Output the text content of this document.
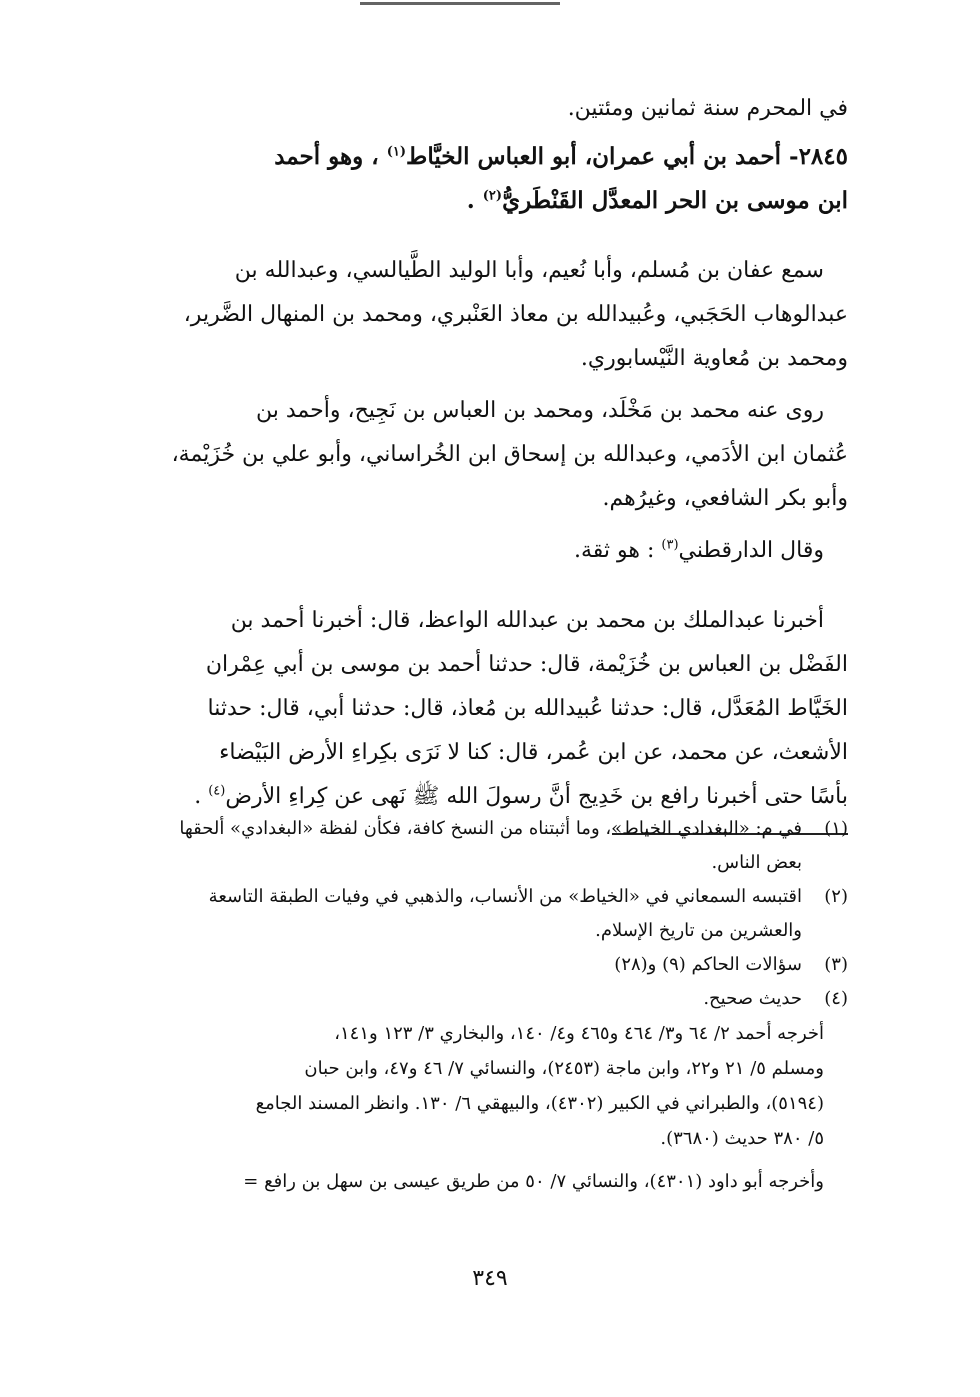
في المحرم سنة ثمانين ومئتين.
٢٨٤٥- أحمد بن أبي عمران، أبو العباس الخيَّاط$^{(١)}$ ، وهو أحمد
ابن موسى بن الحر المعدَّل القَنْطَريُّ$^{(٢)}$ .
سمع عفان بن مُسلم، وأبا نُعيم، وأبا الوليد الطَّيالسي، وعبدالله بن
عبدالوهاب الحَجَبي، وعُبيدالله بن معاذ العَنْبري، ومحمد بن المنهال الضَّرير،
ومحمد بن مُعاوية النَّيْسابوري.
روى عنه محمد بن مَخْلَد، ومحمد بن العباس بن نَجِيح، وأحمد بن
عُثمان ابن الأدَمي، وعبدالله بن إسحاق ابن الخُراساني، وأبو علي بن خُزَيْمة،
وأبو بكر الشافعي، وغيرُهم.
وقال الدارقطني$^{(٣)}$ : هو ثقة.
أخبرنا عبدالملك بن محمد بن عبدالله الواعظ، قال: أخبرنا أحمد بن
الفَضْل بن العباس بن خُزَيْمة، قال: حدثنا أحمد بن موسى بن أبي عِمْران
الخَيَّاط المُعَدَّل، قال: حدثنا عُبيدالله بن مُعاذ، قال: حدثنا أبي، قال: حدثنا
الأشعث، عن محمد، عن ابن عُمر، قال: كنا لا نَرَى بكِراءِ الأرض البَيْضاء
بأسًا حتى أخبرنا رافع بن خَدِيج أنَّ رسولَ الله ﷺ نَهى عن كِراءِ الأرض$^{(٤)}$ .
(١)
في م: «البغدادي الخياط»، وما أثبتناه من النسخ كافة، فكأن لفظة «البغدادي» ألحقها
بعض الناس.
(٢)
اقتبسه السمعاني في «الخياط» من الأنساب، والذهبي في وفيات الطبقة التاسعة
والعشرين من تاريخ الإسلام.
(٣)
سؤالات الحاكم (٩) و(٢٨)
(٤)
حديث صحيح.
أخرجه أحمد ٢/ ٦٤ و٣/ ٤٦٤ و٤٦٥ و٤/ ١٤٠، والبخاري ٣/ ١٢٣ و١٤١،
ومسلم ٥/ ٢١ و٢٢، وابن ماجة (٢٤٥٣)، والنسائي ٧/ ٤٦ و٤٧، وابن حبان
(٥١٩٤)، والطبراني في الكبير (٤٣٠٢)، والبيهقي ٦/ ١٣٠. وانظر المسند الجامع
٥/ ٣٨٠ حديث (٣٦٨٠).
وأخرجه أبو داود (٤٣٠١)، والنسائي ٧/ ٥٠ من طريق عيسى بن سهل بن رافع =
٣٤٩
